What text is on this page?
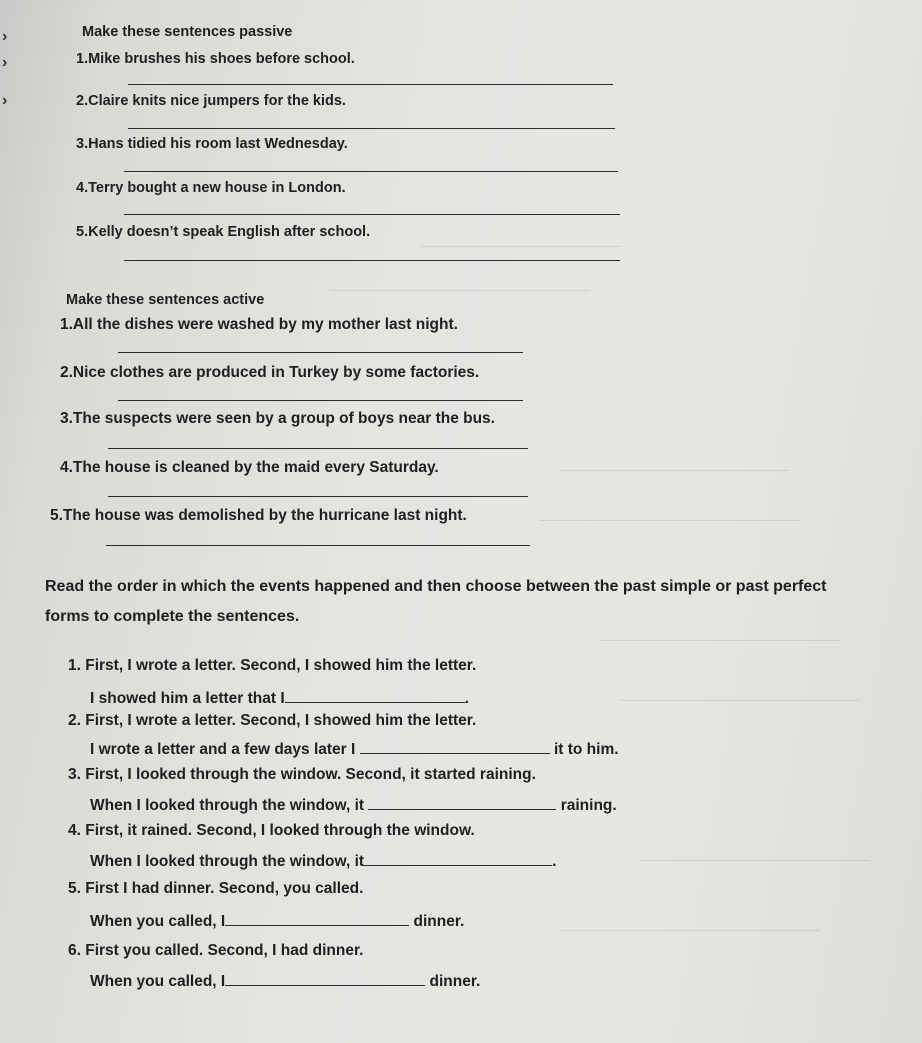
›
›
›
Make these sentences passive
1.Mike brushes his shoes before school.
2.Claire knits nice jumpers for the kids.
3.Hans tidied his room last Wednesday.
4.Terry bought a new house in London.
5.Kelly doesn’t speak English after school.
Make these sentences active
1.All the dishes were washed by my mother last night.
2.Nice clothes are produced in Turkey by some factories.
3.The suspects were seen by a group of boys near the bus.
4.The house is cleaned by the maid every Saturday.
5.The house was demolished by the hurricane last night.
Read the order in which the events happened and then choose between the past simple or past perfect
forms to complete the sentences.
1. First, I wrote a letter. Second, I showed him the letter.
I showed him a letter that I	.
2. First, I wrote a letter. Second, I showed him the letter.
I wrote a letter and a few days later I	it to him.
3. First, I looked through the window. Second, it started raining.
When I looked through the window, it	raining.
4. First, it rained. Second, I looked through the window.
When I looked through the window, it	.
5. First I had dinner. Second, you called.
When you called, I	dinner.
6. First you called. Second, I had dinner.
When you called, I	dinner.
